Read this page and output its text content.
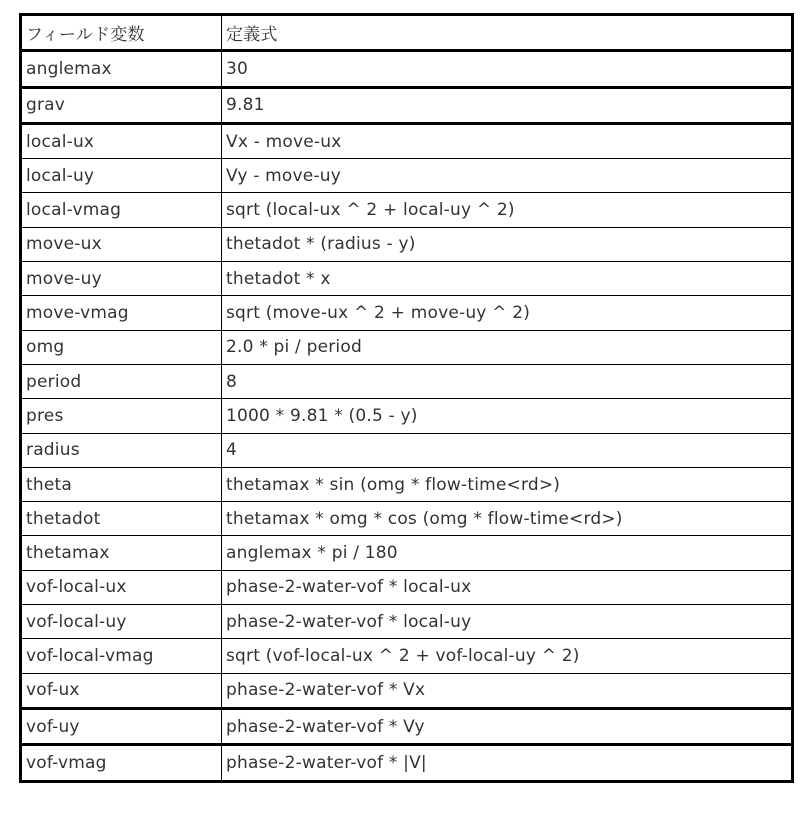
フィールド変数	定義式
anglemax	30
grav	9.81
local-ux	Vx - move-ux
local-uy	Vy - move-uy
local-vmag	sqrt (local-ux ^ 2 + local-uy ^ 2)
move-ux	thetadot * (radius - y)
move-uy	thetadot * x
move-vmag	sqrt (move-ux ^ 2 + move-uy ^ 2)
omg	2.0 * pi / period
period	8
pres	1000 * 9.81 * (0.5 - y)
radius	4
theta	thetamax * sin (omg * flow-time<rd>)
thetadot	thetamax * omg * cos (omg * flow-time<rd>)
thetamax	anglemax * pi / 180
vof-local-ux	phase-2-water-vof * local-ux
vof-local-uy	phase-2-water-vof * local-uy
vof-local-vmag	sqrt (vof-local-ux ^ 2 + vof-local-uy ^ 2)
vof-ux	phase-2-water-vof * Vx
vof-uy	phase-2-water-vof * Vy
vof-vmag	phase-2-water-vof * |V|
